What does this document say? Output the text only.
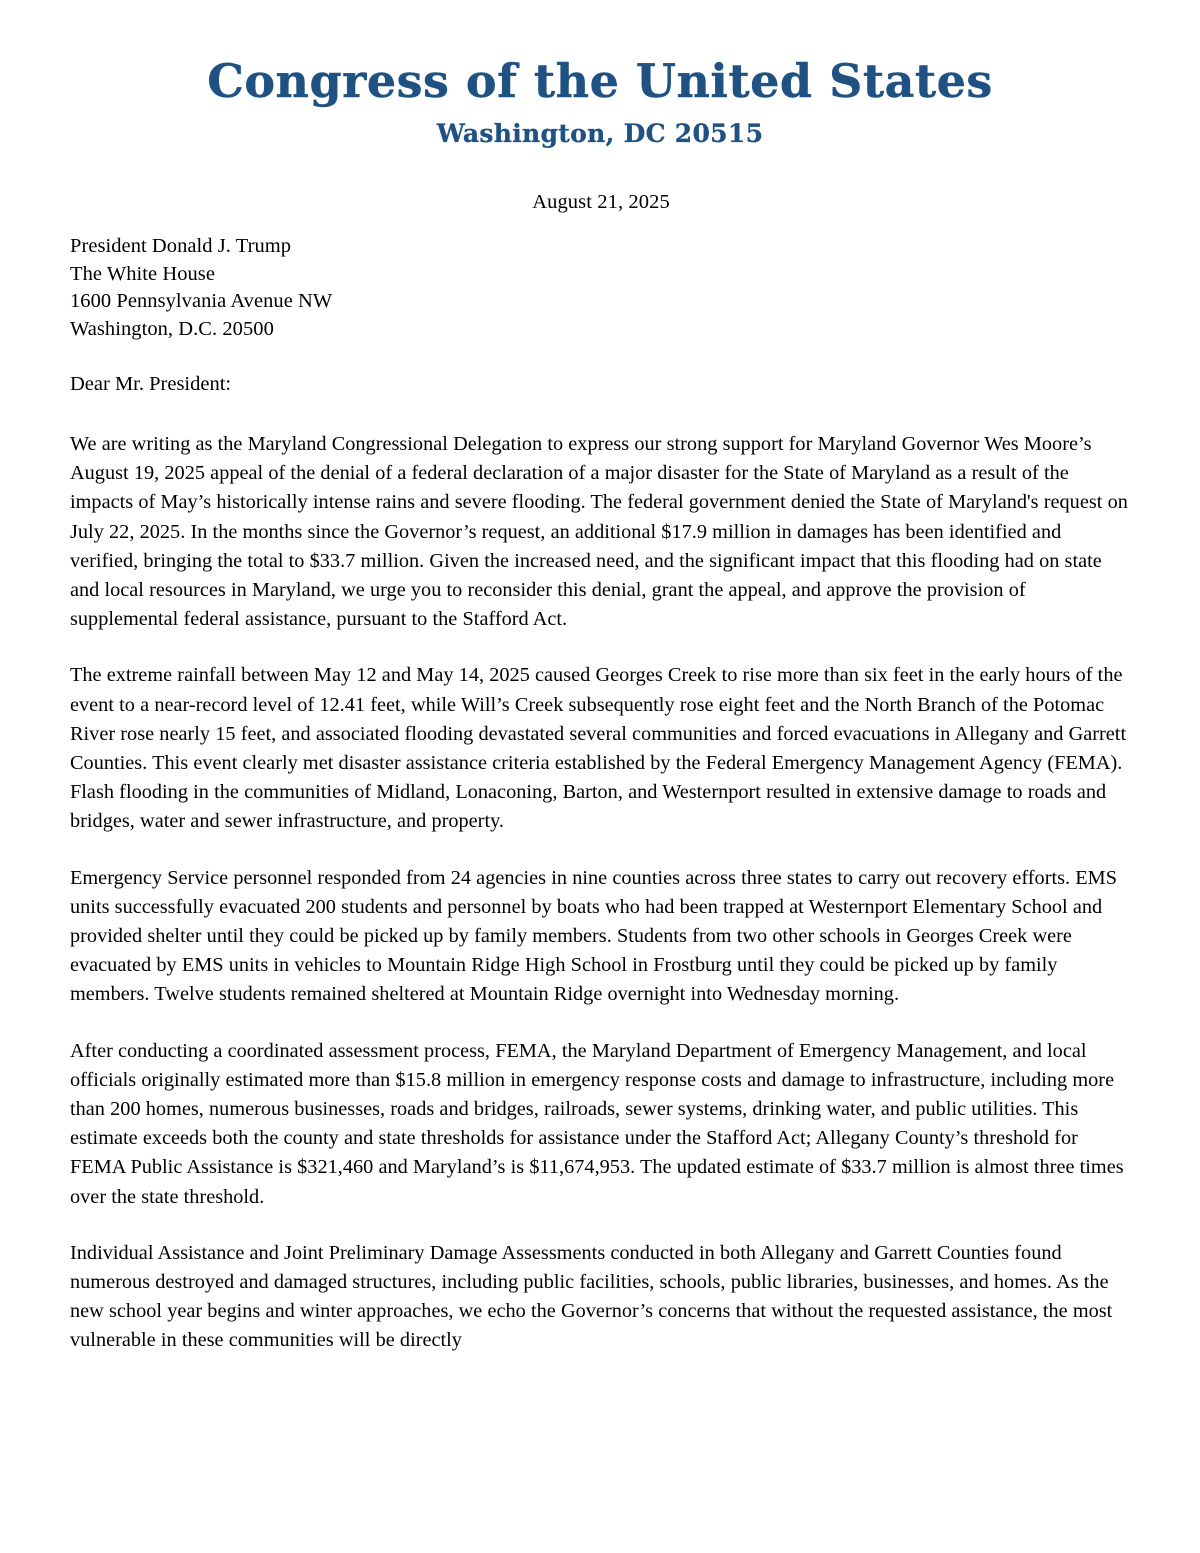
Congress of the United States
Washington, DC 20515
August 21, 2025
President Donald J. Trump
The White House
1600 Pennsylvania Avenue NW
Washington, D.C. 20500
Dear Mr. President:

We are writing as the Maryland Congressional Delegation to express our strong support for Maryland Governor Wes Moore’s August 19, 2025 appeal of the denial of a federal declaration of a major disaster for the State of Maryland as a result of the impacts of May’s historically intense rains and severe flooding. The federal government denied the State of Maryland's request on July 22, 2025. In the months since the Governor’s request, an additional $17.9 million in damages has been identified and verified, bringing the total to $33.7 million. Given the increased need, and the significant impact that this flooding had on state and local resources in Maryland, we urge you to reconsider this denial, grant the appeal, and approve the provision of supplemental federal assistance, pursuant to the Stafford Act.

The extreme rainfall between May 12 and May 14, 2025 caused Georges Creek to rise more than six feet in the early hours of the event to a near-record level of 12.41 feet, while Will’s Creek subsequently rose eight feet and the North Branch of the Potomac River rose nearly 15 feet, and associated flooding devastated several communities and forced evacuations in Allegany and Garrett Counties. This event clearly met disaster assistance criteria established by the Federal Emergency Management Agency (FEMA). Flash flooding in the communities of Midland, Lonaconing, Barton, and Westernport resulted in extensive damage to roads and bridges, water and sewer infrastructure, and property.

Emergency Service personnel responded from 24 agencies in nine counties across three states to carry out recovery efforts. EMS units successfully evacuated 200 students and personnel by boats who had been trapped at Westernport Elementary School and provided shelter until they could be picked up by family members. Students from two other schools in Georges Creek were evacuated by EMS units in vehicles to Mountain Ridge High School in Frostburg until they could be picked up by family members. Twelve students remained sheltered at Mountain Ridge overnight into Wednesday morning.

After conducting a coordinated assessment process, FEMA, the Maryland Department of Emergency Management, and local officials originally estimated more than $15.8 million in emergency response costs and damage to infrastructure, including more than 200 homes, numerous businesses, roads and bridges, railroads, sewer systems, drinking water, and public utilities. This estimate exceeds both the county and state thresholds for assistance under the Stafford Act; Allegany County’s threshold for FEMA Public Assistance is $321,460 and Maryland’s is $11,674,953. The updated estimate of $33.7 million is almost three times over the state threshold.

Individual Assistance and Joint Preliminary Damage Assessments conducted in both Allegany and Garrett Counties found numerous destroyed and damaged structures, including public facilities, schools, public libraries, businesses, and homes. As the new school year begins and winter approaches, we echo the Governor’s concerns that without the requested assistance, the most vulnerable in these communities will be directly
